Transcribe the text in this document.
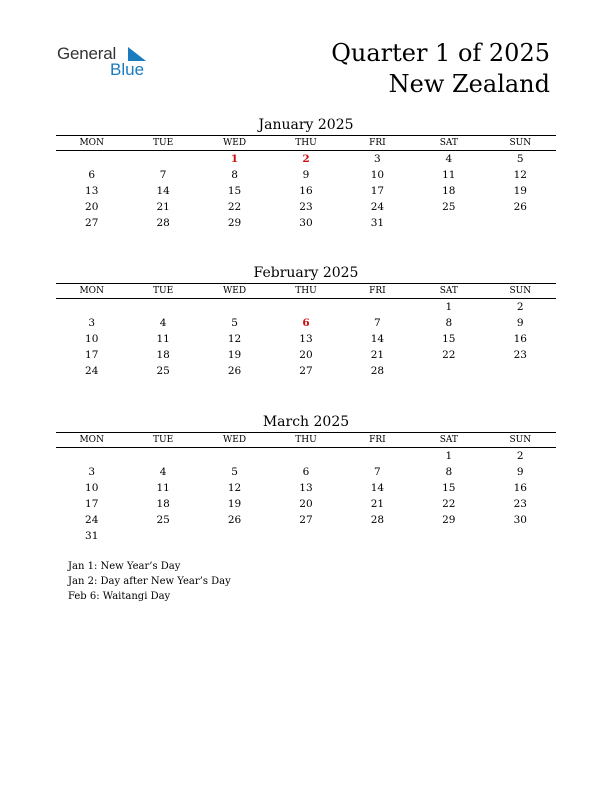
General
Blue
Quarter 1 of 2025
New Zealand
January 2025
MON	TUE	WED	THU	FRI	SAT	SUN
		1	2	3	4	5
6	7	8	9	10	11	12
13	14	15	16	17	18	19
20	21	22	23	24	25	26
27	28	29	30	31		
February 2025
MON	TUE	WED	THU	FRI	SAT	SUN
					1	2
3	4	5	6	7	8	9
10	11	12	13	14	15	16
17	18	19	20	21	22	23
24	25	26	27	28		
March 2025
MON	TUE	WED	THU	FRI	SAT	SUN
					1	2
3	4	5	6	7	8	9
10	11	12	13	14	15	16
17	18	19	20	21	22	23
24	25	26	27	28	29	30
31						
Jan 1: New Year’s Day
Jan 2: Day after New Year’s Day
Feb 6: Waitangi Day
